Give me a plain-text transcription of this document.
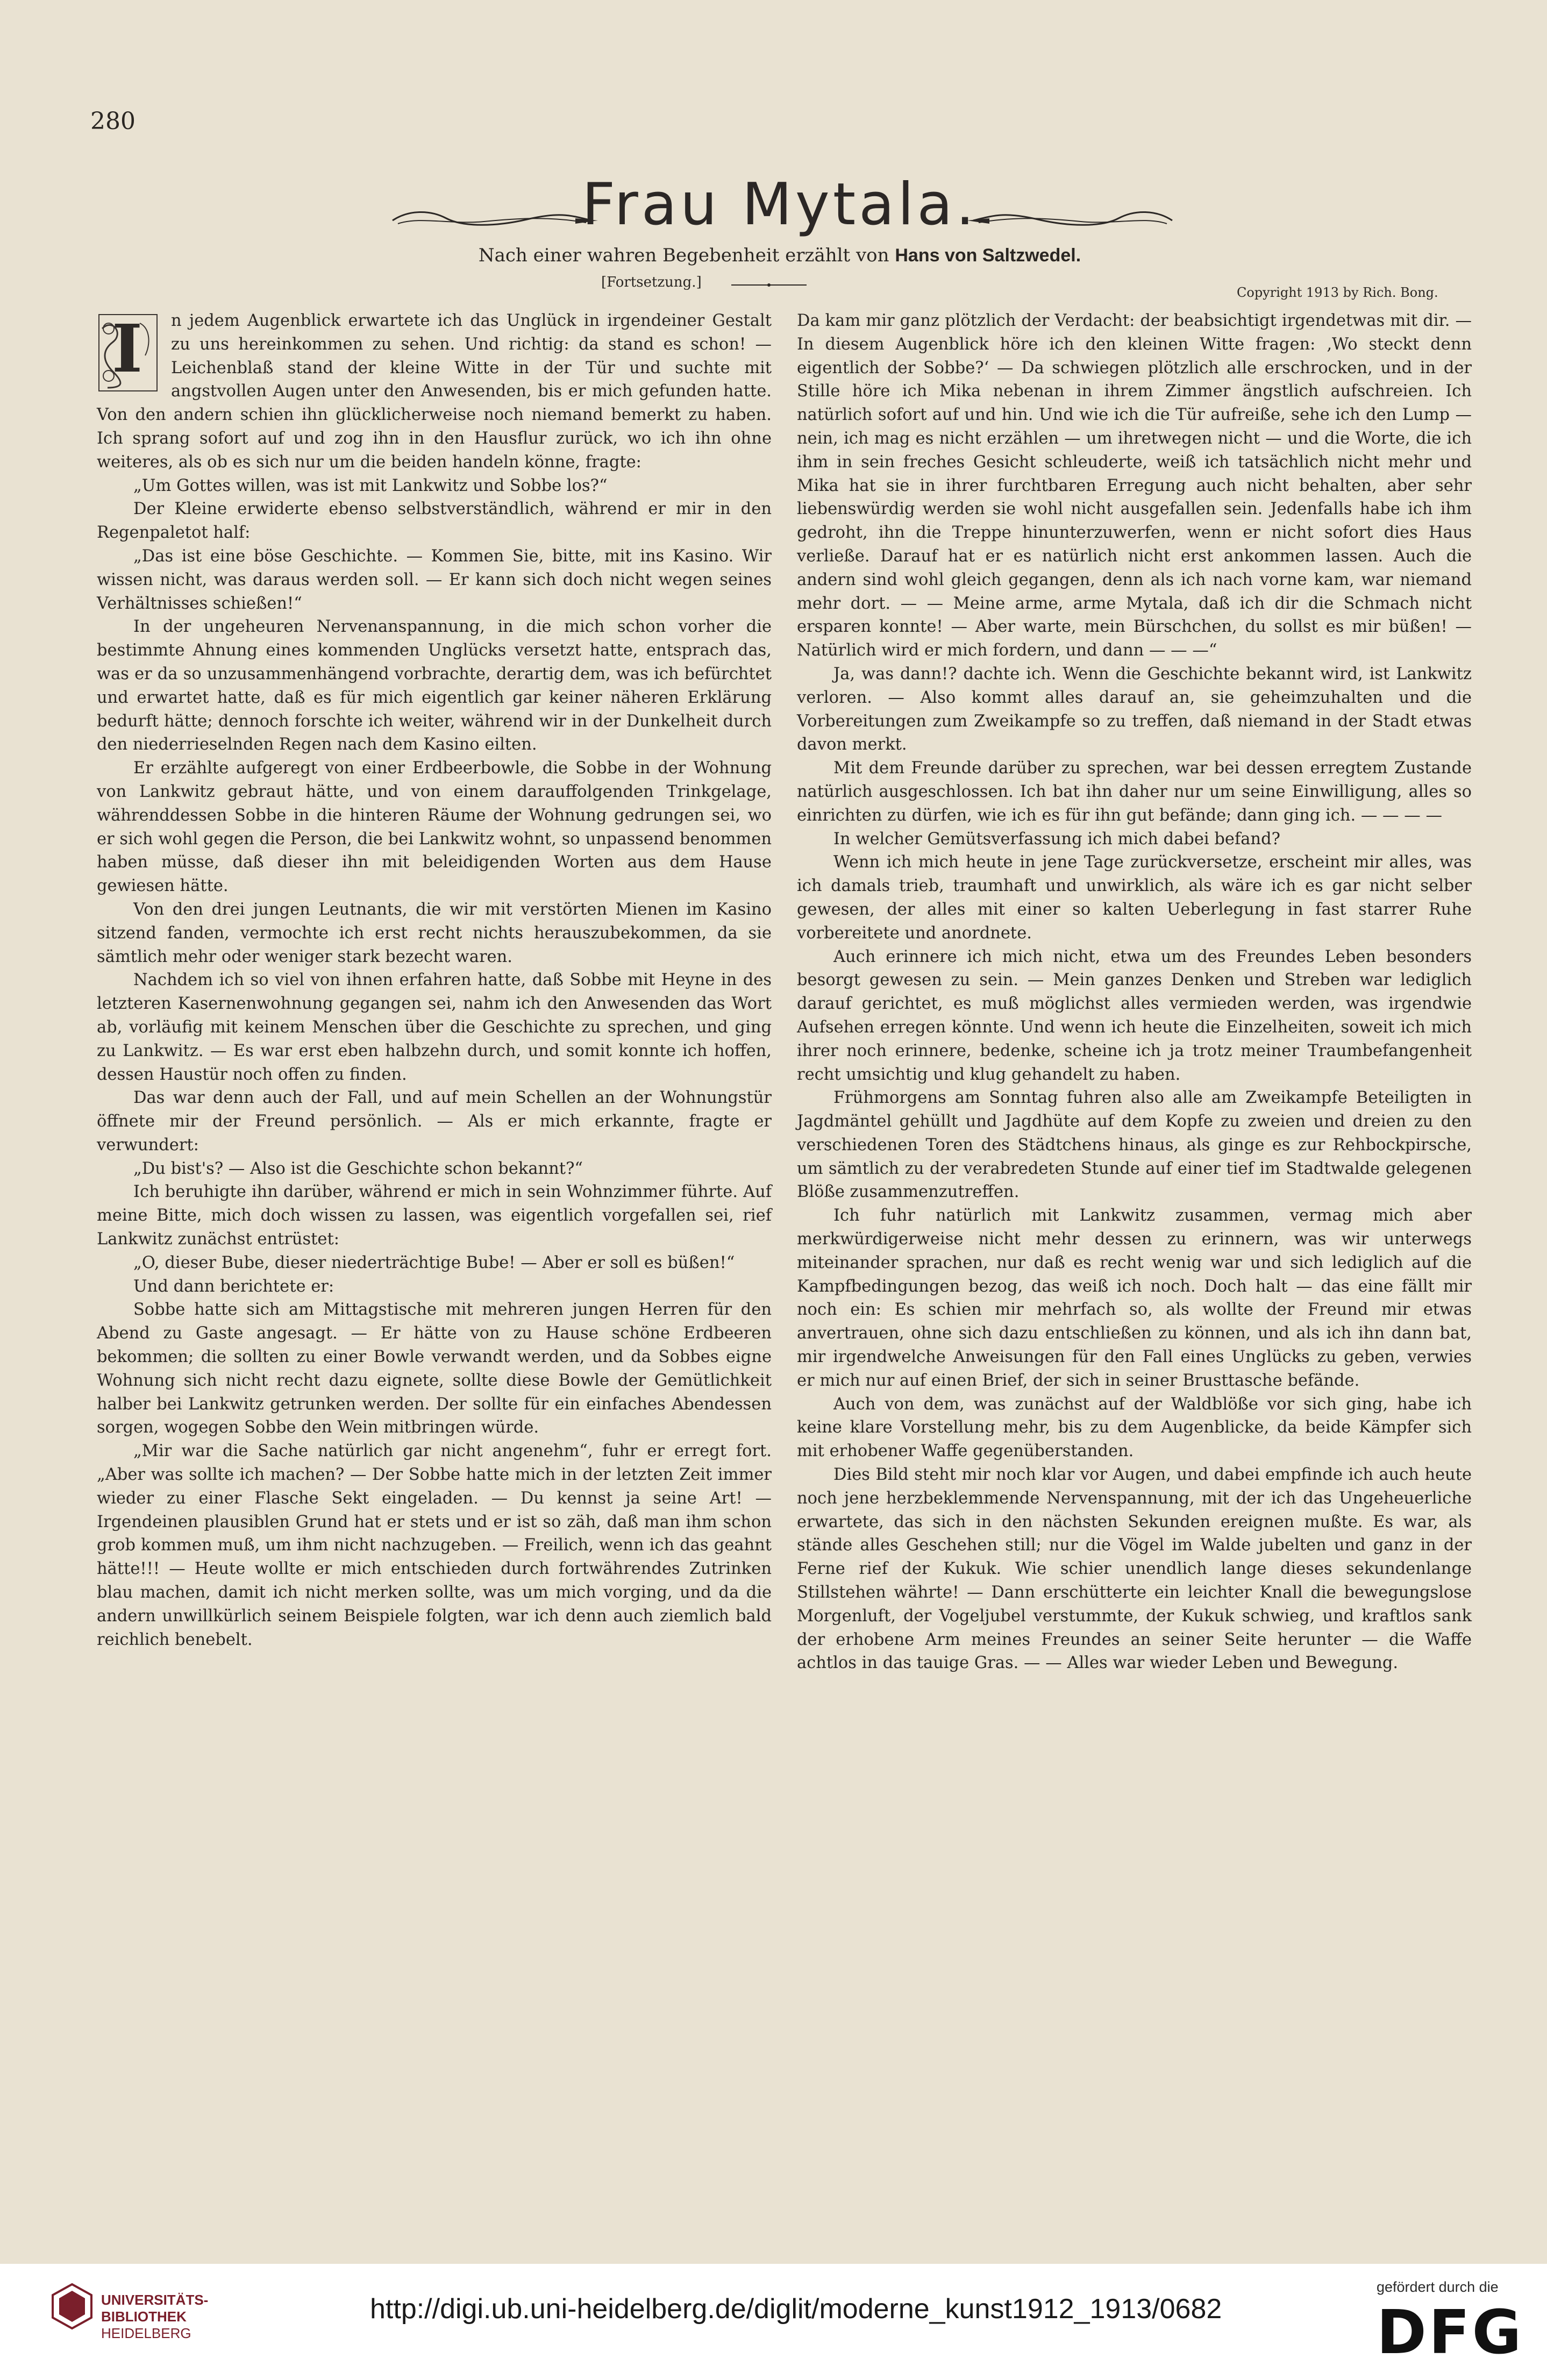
280
Frau Mytala.
Nach einer wahren Begebenheit erzählt von Hans von Saltzwedel.
[Fortsetzung.]
Copyright 1913 by Rich. Bong.

I n jedem Augenblick erwartete ich das Unglück in irgendeiner Gestalt zu uns hereinkommen zu sehen. Und richtig: da stand es schon! — Leichenblaß stand der kleine Witte in der Tür und suchte mit angstvollen Augen unter den Anwesenden, bis er mich gefunden hatte. Von den andern schien ihn glücklicherweise noch niemand bemerkt zu haben. Ich sprang sofort auf und zog ihn in den Hausflur zurück, wo ich ihn ohne weiteres, als ob es sich nur um die beiden handeln könne, fragte:

„Um Gottes willen, was ist mit Lankwitz und Sobbe los?“

Der Kleine erwiderte ebenso selbstverständlich, während er mir in den Regenpaletot half:

„Das ist eine böse Geschichte. — Kommen Sie, bitte, mit ins Kasino. Wir wissen nicht, was daraus werden soll. — Er kann sich doch nicht wegen seines Verhältnisses schießen!“

In der ungeheuren Nervenanspannung, in die mich schon vorher die bestimmte Ahnung eines kommenden Unglücks versetzt hatte, entsprach das, was er da so unzusammenhängend vorbrachte, derartig dem, was ich befürchtet und erwartet hatte, daß es für mich eigentlich gar keiner näheren Erklärung bedurft hätte; dennoch forschte ich weiter, während wir in der Dunkelheit durch den niederrieselnden Regen nach dem Kasino eilten.

Er erzählte aufgeregt von einer Erdbeerbowle, die Sobbe in der Wohnung von Lankwitz gebraut hätte, und von einem darauffolgenden Trinkgelage, währenddessen Sobbe in die hinteren Räume der Wohnung gedrungen sei, wo er sich wohl gegen die Person, die bei Lankwitz wohnt, so unpassend benommen haben müsse, daß dieser ihn mit beleidigenden Worten aus dem Hause gewiesen hätte.

Von den drei jungen Leutnants, die wir mit verstörten Mienen im Kasino sitzend fanden, vermochte ich erst recht nichts herauszubekommen, da sie sämtlich mehr oder weniger stark bezecht waren.

Nachdem ich so viel von ihnen erfahren hatte, daß Sobbe mit Heyne in des letzteren Kasernenwohnung gegangen sei, nahm ich den Anwesenden das Wort ab, vorläufig mit keinem Menschen über die Geschichte zu sprechen, und ging zu Lankwitz. — Es war erst eben halbzehn durch, und somit konnte ich hoffen, dessen Haustür noch offen zu finden.

Das war denn auch der Fall, und auf mein Schellen an der Wohnungstür öffnete mir der Freund persönlich. — Als er mich erkannte, fragte er verwundert:

„Du bist's? — Also ist die Geschichte schon bekannt?“

Ich beruhigte ihn darüber, während er mich in sein Wohnzimmer führte. Auf meine Bitte, mich doch wissen zu lassen, was eigentlich vorgefallen sei, rief Lankwitz zunächst entrüstet:

„O, dieser Bube, dieser niederträchtige Bube! — Aber er soll es büßen!“

Und dann berichtete er:

Sobbe hatte sich am Mittagstische mit mehreren jungen Herren für den Abend zu Gaste angesagt. — Er hätte von zu Hause schöne Erdbeeren bekommen; die sollten zu einer Bowle verwandt werden, und da Sobbes eigne Wohnung sich nicht recht dazu eignete, sollte diese Bowle der Gemütlichkeit halber bei Lankwitz getrunken werden. Der sollte für ein einfaches Abendessen sorgen, wogegen Sobbe den Wein mitbringen würde.

„Mir war die Sache natürlich gar nicht angenehm“, fuhr er erregt fort. „Aber was sollte ich machen? — Der Sobbe hatte mich in der letzten Zeit immer wieder zu einer Flasche Sekt eingeladen. — Du kennst ja seine Art! — Irgendeinen plausiblen Grund hat er stets und er ist so zäh, daß man ihm schon grob kommen muß, um ihm nicht nachzugeben. — Freilich, wenn ich das geahnt hätte!!! — Heute wollte er mich entschieden durch fortwährendes Zutrinken blau machen, damit ich nicht merken sollte, was um mich vorging, und da die andern unwillkürlich seinem Beispiele folgten, war ich denn auch ziemlich bald reichlich benebelt.

Da kam mir ganz plötzlich der Verdacht: der beabsichtigt irgendetwas mit dir. — In diesem Augenblick höre ich den kleinen Witte fragen: ‚Wo steckt denn eigentlich der Sobbe?‘ — Da schwiegen plötzlich alle erschrocken, und in der Stille höre ich Mika nebenan in ihrem Zimmer ängstlich aufschreien. Ich natürlich sofort auf und hin. Und wie ich die Tür aufreiße, sehe ich den Lump — nein, ich mag es nicht erzählen — um ihretwegen nicht — und die Worte, die ich ihm in sein freches Gesicht schleuderte, weiß ich tatsächlich nicht mehr und Mika hat sie in ihrer furchtbaren Erregung auch nicht behalten, aber sehr liebenswürdig werden sie wohl nicht ausgefallen sein. Jedenfalls habe ich ihm gedroht, ihn die Treppe hinunterzuwerfen, wenn er nicht sofort dies Haus verließe. Darauf hat er es natürlich nicht erst ankommen lassen. Auch die andern sind wohl gleich gegangen, denn als ich nach vorne kam, war niemand mehr dort. — — Meine arme, arme Mytala, daß ich dir die Schmach nicht ersparen konnte! — Aber warte, mein Bürschchen, du sollst es mir büßen! — Natürlich wird er mich fordern, und dann — — —“

Ja, was dann!? dachte ich. Wenn die Geschichte bekannt wird, ist Lankwitz verloren. — Also kommt alles darauf an, sie geheimzuhalten und die Vorbereitungen zum Zweikampfe so zu treffen, daß niemand in der Stadt etwas davon merkt.

Mit dem Freunde darüber zu sprechen, war bei dessen erregtem Zustande natürlich ausgeschlossen. Ich bat ihn daher nur um seine Einwilligung, alles so einrichten zu dürfen, wie ich es für ihn gut befände; dann ging ich. — — — —

In welcher Gemütsverfassung ich mich dabei befand?

Wenn ich mich heute in jene Tage zurückversetze, erscheint mir alles, was ich damals trieb, traumhaft und unwirklich, als wäre ich es gar nicht selber gewesen, der alles mit einer so kalten Ueberlegung in fast starrer Ruhe vorbereitete und anordnete.

Auch erinnere ich mich nicht, etwa um des Freundes Leben besonders besorgt gewesen zu sein. — Mein ganzes Denken und Streben war lediglich darauf gerichtet, es muß möglichst alles vermieden werden, was irgendwie Aufsehen erregen könnte. Und wenn ich heute die Einzelheiten, soweit ich mich ihrer noch erinnere, bedenke, scheine ich ja trotz meiner Traumbefangenheit recht umsichtig und klug gehandelt zu haben.

Frühmorgens am Sonntag fuhren also alle am Zweikampfe Beteiligten in Jagdmäntel gehüllt und Jagdhüte auf dem Kopfe zu zweien und dreien zu den verschiedenen Toren des Städtchens hinaus, als ginge es zur Rehbockpirsche, um sämtlich zu der verabredeten Stunde auf einer tief im Stadtwalde gelegenen Blöße zusammenzutreffen.

Ich fuhr natürlich mit Lankwitz zusammen, vermag mich aber merkwürdigerweise nicht mehr dessen zu erinnern, was wir unterwegs miteinander sprachen, nur daß es recht wenig war und sich lediglich auf die Kampfbedingungen bezog, das weiß ich noch. Doch halt — das eine fällt mir noch ein: Es schien mir mehrfach so, als wollte der Freund mir etwas anvertrauen, ohne sich dazu entschließen zu können, und als ich ihn dann bat, mir irgendwelche Anweisungen für den Fall eines Unglücks zu geben, verwies er mich nur auf einen Brief, der sich in seiner Brusttasche befände.

Auch von dem, was zunächst auf der Waldblöße vor sich ging, habe ich keine klare Vorstellung mehr, bis zu dem Augenblicke, da beide Kämpfer sich mit erhobener Waffe gegenüberstanden.

Dies Bild steht mir noch klar vor Augen, und dabei empfinde ich auch heute noch jene herzbeklemmende Nervenspannung, mit der ich das Ungeheuerliche erwartete, das sich in den nächsten Sekunden ereignen mußte. Es war, als stände alles Geschehen still; nur die Vögel im Walde jubelten und ganz in der Ferne rief der Kukuk. Wie schier unendlich lange dieses sekundenlange Stillstehen währte! — Dann erschütterte ein leichter Knall die bewegungslose Morgenluft, der Vogeljubel verstummte, der Kukuk schwieg, und kraftlos sank der erhobene Arm meines Freundes an seiner Seite herunter — die Waffe achtlos in das tauige Gras. — — Alles war wieder Leben und Bewegung.

UNIVERSITÄTS-
BIBLIOTHEK
HEIDELBERG
http://digi.ub.uni-heidelberg.de/diglit/moderne_kunst1912_1913/0682
gefördert durch die
DFG
